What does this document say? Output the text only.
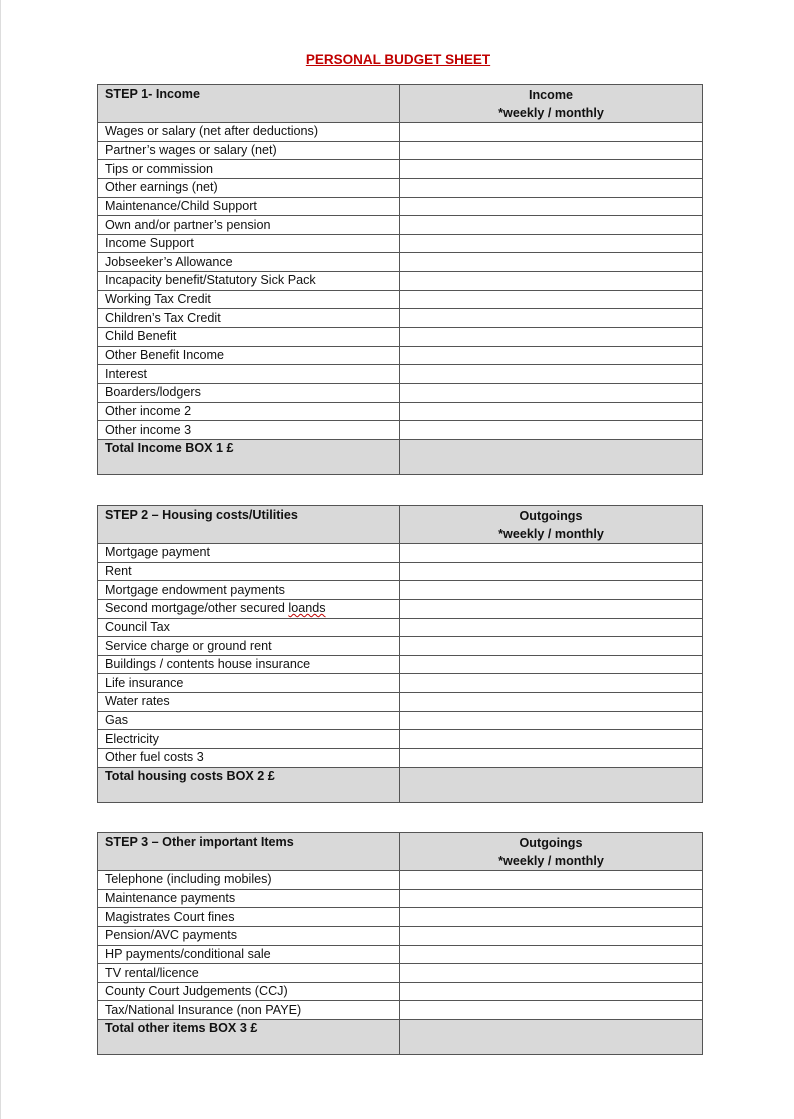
PERSONAL BUDGET SHEET
STEP 1- Income	Income
*weekly / monthly

Wages or salary (net after deductions)	
Partner’s wages or salary (net)	
Tips or commission	
Other earnings (net)	
Maintenance/Child Support	
Own and/or partner’s pension	
Income Support	
Jobseeker’s Allowance	
Incapacity benefit/Statutory Sick Pack	
Working Tax Credit	
Children’s Tax Credit	
Child Benefit	
Other Benefit Income	
Interest	
Boarders/lodgers	
Other income 2	
Other income 3	
Total Income BOX 1 £	
STEP 2 – Housing costs/Utilities	Outgoings
*weekly / monthly

Mortgage payment	
Rent	
Mortgage endowment payments	
Second mortgage/other secured loands	
Council Tax	
Service charge or ground rent	
Buildings / contents house insurance	
Life insurance	
Water rates	
Gas	
Electricity	
Other fuel costs 3	
Total housing costs BOX 2 £	
STEP 3 – Other important Items	Outgoings
*weekly / monthly

Telephone (including mobiles)	
Maintenance payments	
Magistrates Court fines	
Pension/AVC payments	
HP payments/conditional sale	
TV rental/licence	
County Court Judgements (CCJ)	
Tax/National Insurance (non PAYE)	
Total other items BOX 3 £	
